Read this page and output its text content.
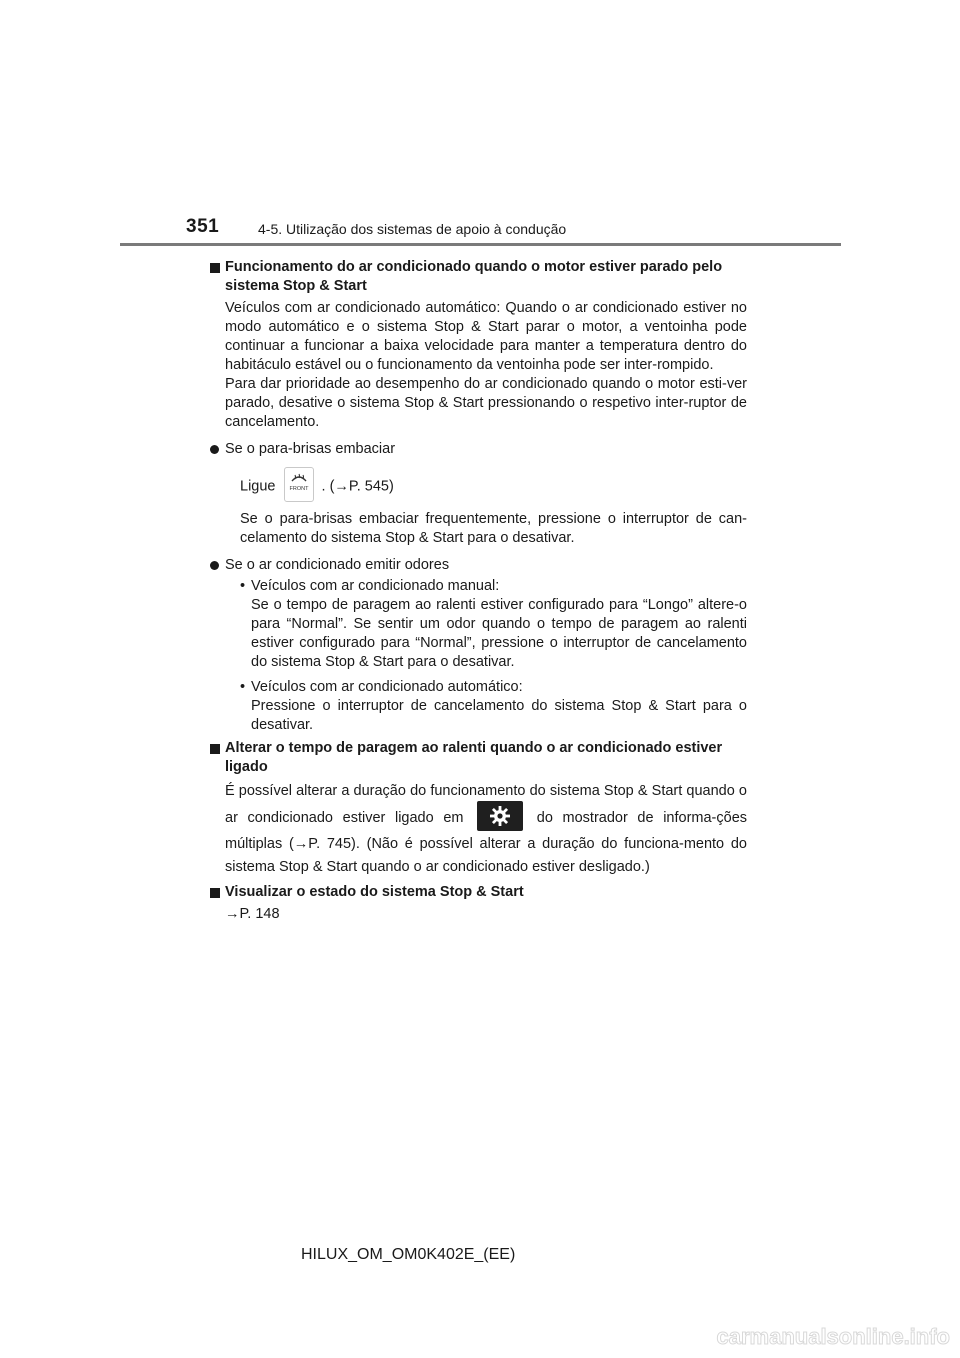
351	4-5. Utilização dos sistemas de apoio à condução
Funcionamento do ar condicionado quando o motor estiver parado pelo sistema Stop & Start
Veículos com ar condicionado automático: Quando o ar condicionado estiver no modo automático e o sistema Stop & Start parar o motor, a ventoinha pode continuar a funcionar a baixa velocidade para manter a temperatura dentro do habitáculo estável ou o funcionamento da ventoinha pode ser inter-rompido.
Para dar prioridade ao desempenho do ar condicionado quando o motor esti-ver parado, desative o sistema Stop & Start pressionando o respetivo inter-ruptor de cancelamento.
Se o para-brisas embaciar
Ligue FRONT . (→P. 545)
Se o para-brisas embaciar frequentemente, pressione o interruptor de can-celamento do sistema Stop & Start para o desativar.
Se o ar condicionado emitir odores
• Veículos com ar condicionado manual:
Se o tempo de paragem ao ralenti estiver configurado para “Longo” altere-o para “Normal”. Se sentir um odor quando o tempo de paragem ao ralenti estiver configurado para “Normal”, pressione o interruptor de cancelamento do sistema Stop & Start para o desativar.
• Veículos com ar condicionado automático:
Pressione o interruptor de cancelamento do sistema Stop & Start para o desativar.
Alterar o tempo de paragem ao ralenti quando o ar condicionado estiver ligado
É possível alterar a duração do funcionamento do sistema Stop & Start quando o ar condicionado estiver ligado em	do mostrador de informa-ções múltiplas (→P. 745). (Não é possível alterar a duração do funciona-mento do sistema Stop & Start quando o ar condicionado estiver desligado.)
Visualizar o estado do sistema Stop & Start
→P. 148
HILUX_OM_OM0K402E_(EE)
carmanualsonline.info
